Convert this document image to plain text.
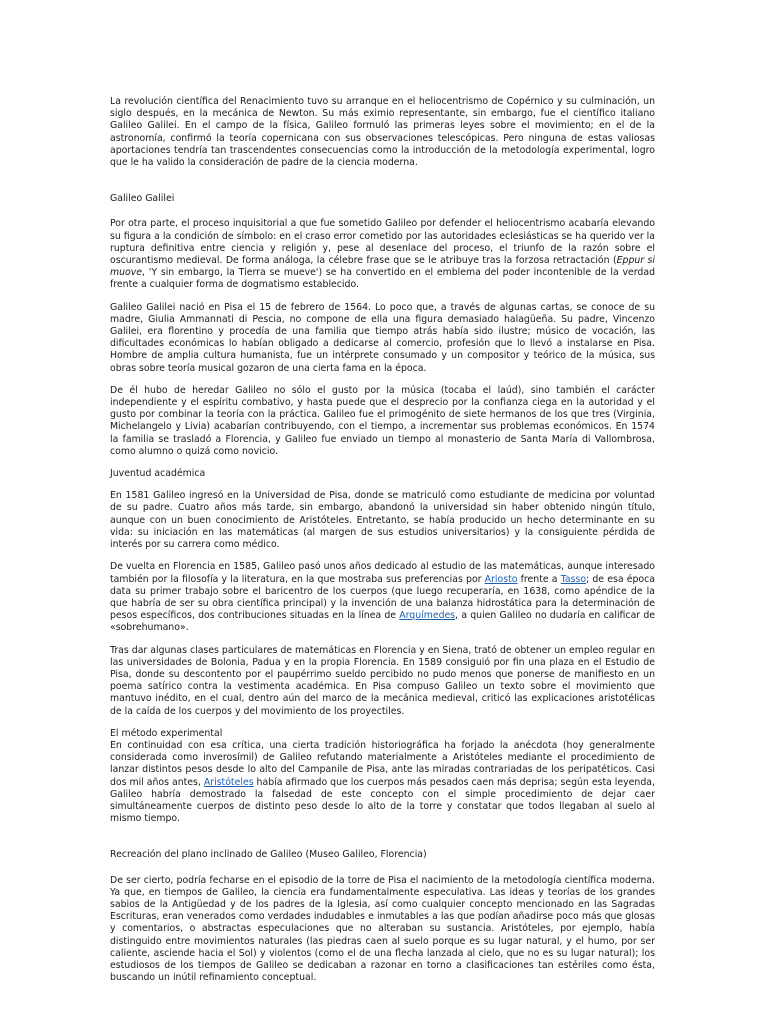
La revolución científica del Renacimiento tuvo su arranque en el heliocentrismo de Copérnico y su culminación, un siglo después, en la mecánica de Newton. Su más eximio representante, sin embargo, fue el científico italiano Galileo Galilei. En el campo de la física, Galileo formuló las primeras leyes sobre el movimiento; en el de la astronomía, confirmó la teoría copernicana con sus observaciones telescópicas. Pero ninguna de estas valiosas aportaciones tendría tan trascendentes consecuencias como la introducción de la metodología experimental, logro que le ha valido la consideración de padre de la ciencia moderna.

Galileo Galilei

Por otra parte, el proceso inquisitorial a que fue sometido Galileo por defender el heliocentrismo acabaría elevando su figura a la condición de símbolo: en el craso error cometido por las autoridades eclesiásticas se ha querido ver la ruptura definitiva entre ciencia y religión y, pese al desenlace del proceso, el triunfo de la razón sobre el oscurantismo medieval. De forma análoga, la célebre frase que se le atribuye tras la forzosa retractación (Eppur si muove, 'Y sin embargo, la Tierra se mueve') se ha convertido en el emblema del poder incontenible de la verdad frente a cualquier forma de dogmatismo establecido.

Galileo Galilei nació en Pisa el 15 de febrero de 1564. Lo poco que, a través de algunas cartas, se conoce de su madre, Giulia Ammannati di Pescia, no compone de ella una figura demasiado halagüeña. Su padre, Vincenzo Galilei, era florentino y procedía de una familia que tiempo atrás había sido ilustre; músico de vocación, las dificultades económicas lo habían obligado a dedicarse al comercio, profesión que lo llevó a instalarse en Pisa. Hombre de amplia cultura humanista, fue un intérprete consumado y un compositor y teórico de la música, sus obras sobre teoría musical gozaron de una cierta fama en la época.

De él hubo de heredar Galileo no sólo el gusto por la música (tocaba el laúd), sino también el carácter independiente y el espíritu combativo, y hasta puede que el desprecio por la confianza ciega en la autoridad y el gusto por combinar la teoría con la práctica. Galileo fue el primogénito de siete hermanos de los que tres (Virginia, Michelangelo y Livia) acabarían contribuyendo, con el tiempo, a incrementar sus problemas económicos. En 1574 la familia se trasladó a Florencia, y Galileo fue enviado un tiempo al monasterio de Santa María di Vallombrosa, como alumno o quizá como novicio.

Juventud académica

En 1581 Galileo ingresó en la Universidad de Pisa, donde se matriculó como estudiante de medicina por voluntad de su padre. Cuatro años más tarde, sin embargo, abandonó la universidad sin haber obtenido ningún título, aunque con un buen conocimiento de Aristóteles. Entretanto, se había producido un hecho determinante en su vida: su iniciación en las matemáticas (al margen de sus estudios universitarios) y la consiguiente pérdida de interés por su carrera como médico.

De vuelta en Florencia en 1585, Galileo pasó unos años dedicado al estudio de las matemáticas, aunque interesado también por la filosofía y la literatura, en la que mostraba sus preferencias por Ariosto frente a Tasso; de esa época data su primer trabajo sobre el baricentro de los cuerpos (que luego recuperaría, en 1638, como apéndice de la que habría de ser su obra científica principal) y la invención de una balanza hidrostática para la determinación de pesos específicos, dos contribuciones situadas en la línea de Arquímedes, a quien Galileo no dudaría en calificar de «sobrehumano».

Tras dar algunas clases particulares de matemáticas en Florencia y en Siena, trató de obtener un empleo regular en las universidades de Bolonia, Padua y en la propia Florencia. En 1589 consiguió por fin una plaza en el Estudio de Pisa, donde su descontento por el paupérrimo sueldo percibido no pudo menos que ponerse de manifiesto en un poema satírico contra la vestimenta académica. En Pisa compuso Galileo un texto sobre el movimiento que mantuvo inédito, en el cual, dentro aún del marco de la mecánica medieval, criticó las explicaciones aristotélicas de la caída de los cuerpos y del movimiento de los proyectiles.

El método experimental

En continuidad con esa crítica, una cierta tradición historiográfica ha forjado la anécdota (hoy generalmente considerada como inverosímil) de Galileo refutando materialmente a Aristóteles mediante el procedimiento de lanzar distintos pesos desde lo alto del Campanile de Pisa, ante las miradas contrariadas de los peripatéticos. Casi dos mil años antes, Aristóteles había afirmado que los cuerpos más pesados caen más deprisa; según esta leyenda, Galileo habría demostrado la falsedad de este concepto con el simple procedimiento de dejar caer simultáneamente cuerpos de distinto peso desde lo alto de la torre y constatar que todos llegaban al suelo al mismo tiempo.

Recreación del plano inclinado de Galileo (Museo Galileo, Florencia)

De ser cierto, podría fecharse en el episodio de la torre de Pisa el nacimiento de la metodología científica moderna. Ya que, en tiempos de Galileo, la ciencia era fundamentalmente especulativa. Las ideas y teorías de los grandes sabios de la Antigüedad y de los padres de la Iglesia, así como cualquier concepto mencionado en las Sagradas Escrituras, eran venerados como verdades indudables e inmutables a las que podían añadirse poco más que glosas y comentarios, o abstractas especulaciones que no alteraban su sustancia. Aristóteles, por ejemplo, había distinguido entre movimientos naturales (las piedras caen al suelo porque es su lugar natural, y el humo, por ser caliente, asciende hacia el Sol) y violentos (como el de una flecha lanzada al cielo, que no es su lugar natural); los estudiosos de los tiempos de Galileo se dedicaban a razonar en torno a clasificaciones tan estériles como ésta, buscando un inútil refinamiento conceptual.
